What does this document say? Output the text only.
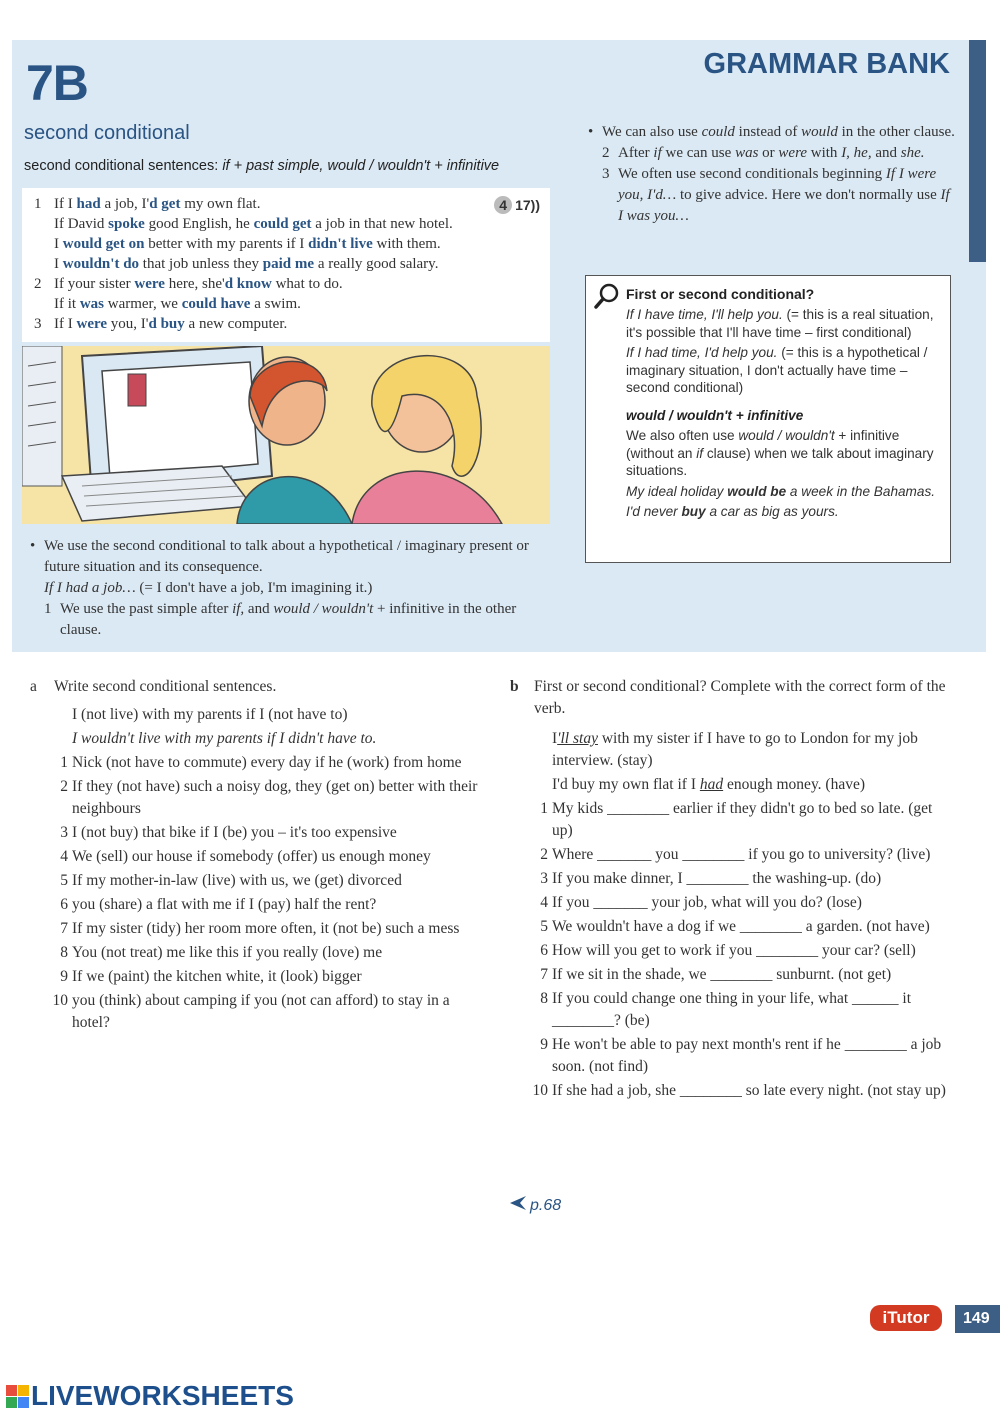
7B	GRAMMAR BANK
second conditional
second conditional sentences: if + past simple, would / wouldn't + infinitive
4 17))
1 If I had a job, I'd get my own flat.
If David spoke good English, he could get a job in that new hotel.
I would get on better with my parents if I didn't live with them.
I wouldn't do that job unless they paid me a really good salary.
2 If your sister were here, she'd know what to do.
If it was warmer, we could have a swim.
3 If I were you, I'd buy a new computer.
• We use the second conditional to talk about a hypothetical / imaginary present or future situation and its consequence.
If I had a job… (= I don't have a job, I'm imagining it.)
1 We use the past simple after if, and would / wouldn't + infinitive in the other clause.
• We can also use could instead of would in the other clause.
2 After if we can use was or were with I, he, and she.
3 We often use second conditionals beginning If I were you, I'd… to give advice. Here we don't normally use If I was you…
First or second conditional?

If I have time, I'll help you. (= this is a real situation, it's possible that I'll have time – first conditional)

If I had time, I'd help you. (= this is a hypothetical / imaginary situation, I don't actually have time – second conditional)

would / wouldn't + infinitive

We also often use would / wouldn't + infinitive (without an if clause) when we talk about imaginary situations.

My ideal holiday would be a week in the Bahamas.

I'd never buy a car as big as yours.

a Write second conditional sentences.
I (not live) with my parents if I (not have to)
I wouldn't live with my parents if I didn't have to.
1 Nick (not have to commute) every day if he (work) from home
2 If they (not have) such a noisy dog, they (get on) better with their neighbours
3 I (not buy) that bike if I (be) you – it's too expensive
4 We (sell) our house if somebody (offer) us enough money
5 If my mother-in-law (live) with us, we (get) divorced
6 you (share) a flat with me if I (pay) half the rent?
7 If my sister (tidy) her room more often, it (not be) such a mess
8 You (not treat) me like this if you really (love) me
9 If we (paint) the kitchen white, it (look) bigger
10 you (think) about camping if you (not can afford) to stay in a hotel?
b First or second conditional? Complete with the correct form of the verb.
I'll stay with my sister if I have to go to London for my job interview. (stay)
I'd buy my own flat if I had enough money. (have)
1 My kids ________ earlier if they didn't go to bed so late. (get up)
2 Where _______ you ________ if you go to university? (live)
3 If you make dinner, I ________ the washing-up. (do)
4 If you _______ your job, what will you do? (lose)
5 We wouldn't have a dog if we ________ a garden. (not have)
6 How will you get to work if you ________ your car? (sell)
7 If we sit in the shade, we ________ sunburnt. (not get)
8 If you could change one thing in your life, what ______ it ________? (be)
9 He won't be able to pay next month's rent if he ________ a job soon. (not find)
10 If she had a job, she ________ so late every night. (not stay up)
p.68
iTutor	149
LIVEWORKSHEETS
